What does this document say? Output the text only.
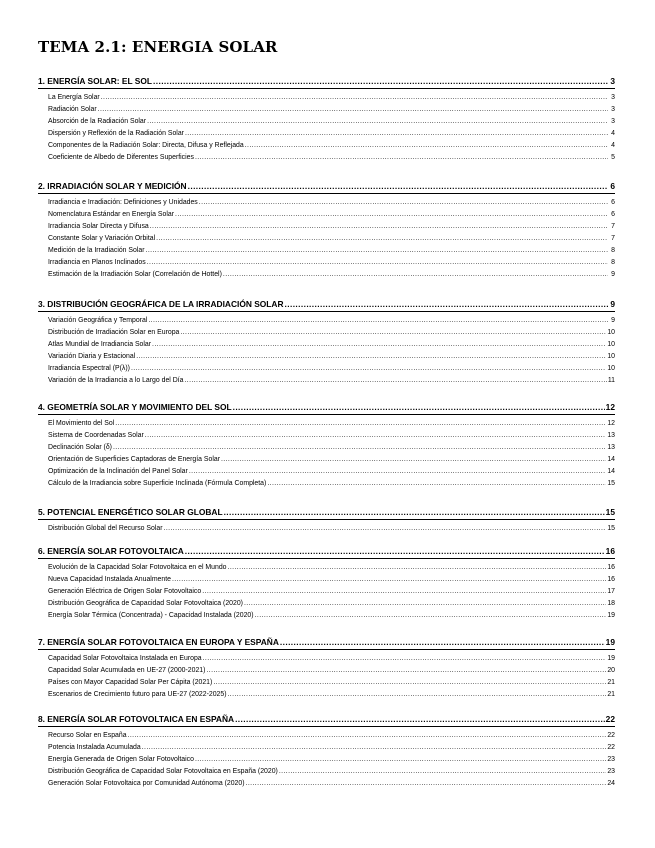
TEMA 2.1: ENERGIA SOLAR
1. ENERGÍA SOLAR: EL SOL .....	3
La Energía Solar .....	3
Radiación Solar .....	3
Absorción de la Radiación Solar .....	3
Dispersión y Reflexión de la Radiación Solar .....	4
Componentes de la Radiación Solar: Directa, Difusa y Reflejada .....	4
Coeficiente de Albedo de Diferentes Superficies .....	5
2. IRRADIACIÓN SOLAR Y MEDICIÓN .....	6
Irradiancia e Irradiación: Definiciones y Unidades .....	6
Nomenclatura Estándar en Energía Solar .....	6
Irradiancia Solar Directa y Difusa .....	7
Constante Solar y Variación Orbital .....	7
Medición de la Irradiación Solar .....	8
Irradiancia en Planos Inclinados .....	8
Estimación de la Irradiación Solar (Correlación de Hottel) .....	9
3. DISTRIBUCIÓN GEOGRÁFICA DE LA IRRADIACIÓN SOLAR .....	9
Variación Geográfica y Temporal .....	9
Distribución de Irradiación Solar en Europa .....	10
Atlas Mundial de Irradiancia Solar .....	10
Variación Diaria y Estacional .....	10
Irradiancia Espectral (P(λ)) .....	10
Variación de la Irradiancia a lo Largo del Día .....	11
4. GEOMETRÍA SOLAR Y MOVIMIENTO DEL SOL .....	12
El Movimiento del Sol .....	12
Sistema de Coordenadas Solar .....	13
Declinación Solar (δ) .....	13
Orientación de Superficies Captadoras de Energía Solar .....	14
Optimización de la Inclinación del Panel Solar .....	14
Cálculo de la Irradiancia sobre Superficie Inclinada (Fórmula Completa) .....	15
5. POTENCIAL ENERGÉTICO SOLAR GLOBAL .....	15
Distribución Global del Recurso Solar .....	15
6. ENERGÍA SOLAR FOTOVOLTAICA .....	16
Evolución de la Capacidad Solar Fotovoltaica en el Mundo .....	16
Nueva Capacidad Instalada Anualmente .....	16
Generación Eléctrica de Origen Solar Fotovoltaico .....	17
Distribución Geográfica de Capacidad Solar Fotovoltaica (2020) .....	18
Energía Solar Térmica (Concentrada) - Capacidad Instalada (2020) .....	19
7. ENERGÍA SOLAR FOTOVOLTAICA EN EUROPA Y ESPAÑA .....	19
Capacidad Solar Fotovoltaica Instalada en Europa .....	19
Capacidad Solar Acumulada en UE-27 (2000-2021) .....	20
Países con Mayor Capacidad Solar Per Cápita (2021) .....	21
Escenarios de Crecimiento futuro para UE-27 (2022-2025) .....	21
8. ENERGÍA SOLAR FOTOVOLTAICA EN ESPAÑA .....	22
Recurso Solar en España .....	22
Potencia Instalada Acumulada .....	22
Energía Generada de Origen Solar Fotovoltaico .....	23
Distribución Geográfica de Capacidad Solar Fotovoltaica en España (2020) .....	23
Generación Solar Fotovoltaica por Comunidad Autónoma (2020) .....	24
